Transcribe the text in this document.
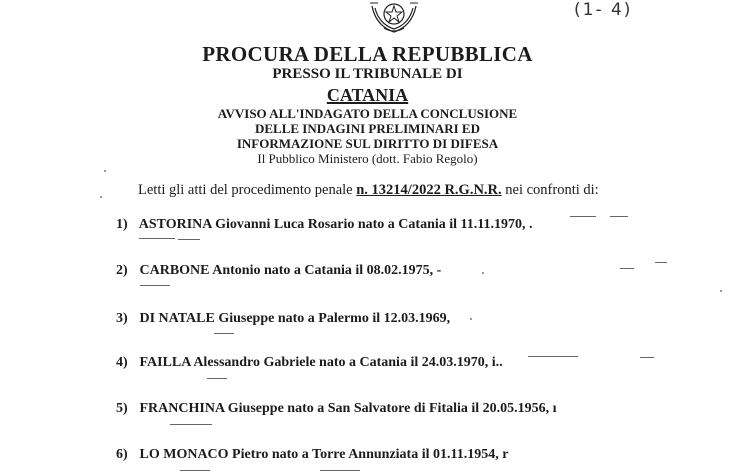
(1- 4)
PROCURA DELLA REPUBBLICA
PRESSO IL TRIBUNALE DI
CATANIA
AVVISO ALL'INDAGATO DELLA CONCLUSIONE
DELLE INDAGINI PRELIMINARI ED
INFORMAZIONE SUL DIRITTO DI DIFESA
Il Pubblico Ministero (dott. Fabio Regolo)
Letti gli atti del procedimento penale n. 13214/2022 R.G.N.R. nei confronti di:
1) ASTORINA Giovanni Luca Rosario nato a Catania il 11.11.1970, .
2) CARBONE Antonio nato a Catania il 08.02.1975, -
3) DI NATALE Giuseppe nato a Palermo il 12.03.1969,
4) FAILLA Alessandro Gabriele nato a Catania il 24.03.1970, i..
5) FRANCHINA Giuseppe nato a San Salvatore di Fitalia il 20.05.1956, ı
6) LO MONACO Pietro nato a Torre Annunziata il 01.11.1954, r
